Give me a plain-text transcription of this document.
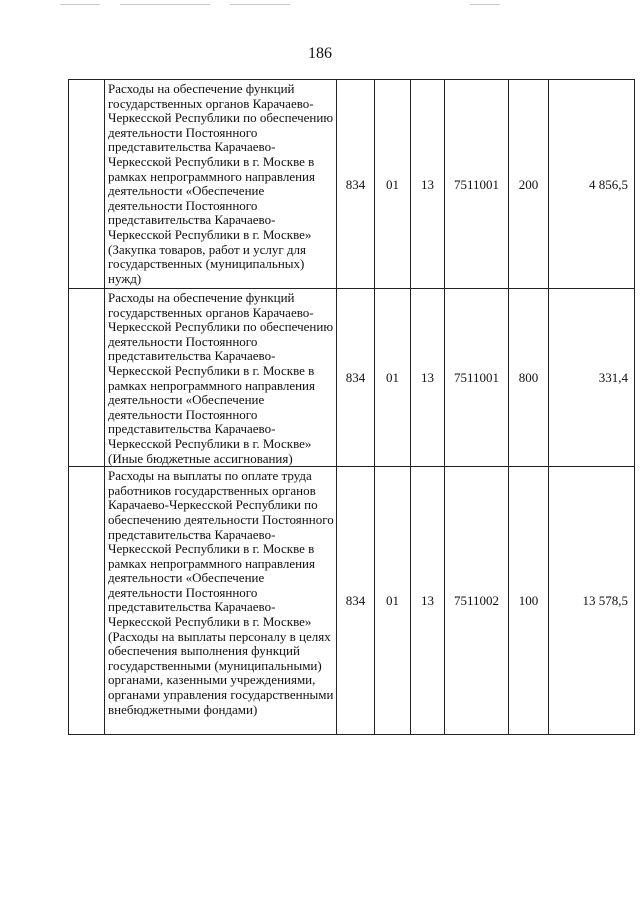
186
	Расходы на обеспечение функций государственных органов Карачаево-Черкесской Республики по обеспечению деятельности Постоянного представительства Карачаево-Черкесской Республики в г. Москве в рамках непрограммного направления деятельности «Обеспечение деятельности Постоянного представительства Карачаево-Черкесской Республики в г. Москве» (Закупка товаров, работ и услуг для государственных (муниципальных) нужд)	834	01	13	7511001	200	4 856,5
	Расходы на обеспечение функций государственных органов Карачаево-Черкесской Республики по обеспечению деятельности Постоянного представительства Карачаево-Черкесской Республики в г. Москве в рамках непрограммного направления деятельности «Обеспечение деятельности Постоянного представительства Карачаево-Черкесской Республики в г. Москве» (Иные бюджетные ассигнования)	834	01	13	7511001	800	331,4
	Расходы на выплаты по оплате труда работников государственных органов Карачаево-Черкесской Республики по обеспечению деятельности Постоянного представительства Карачаево-Черкесской Республики в г. Москве в рамках непрограммного направления деятельности «Обеспечение деятельности Постоянного представительства Карачаево-Черкесской Республики в г. Москве» (Расходы на выплаты персоналу в целях обеспечения выполнения функций государственными (муниципальными) органами, казенными учреждениями, органами управления государственными внебюджетными фондами)	834	01	13	7511002	100	13 578,5
